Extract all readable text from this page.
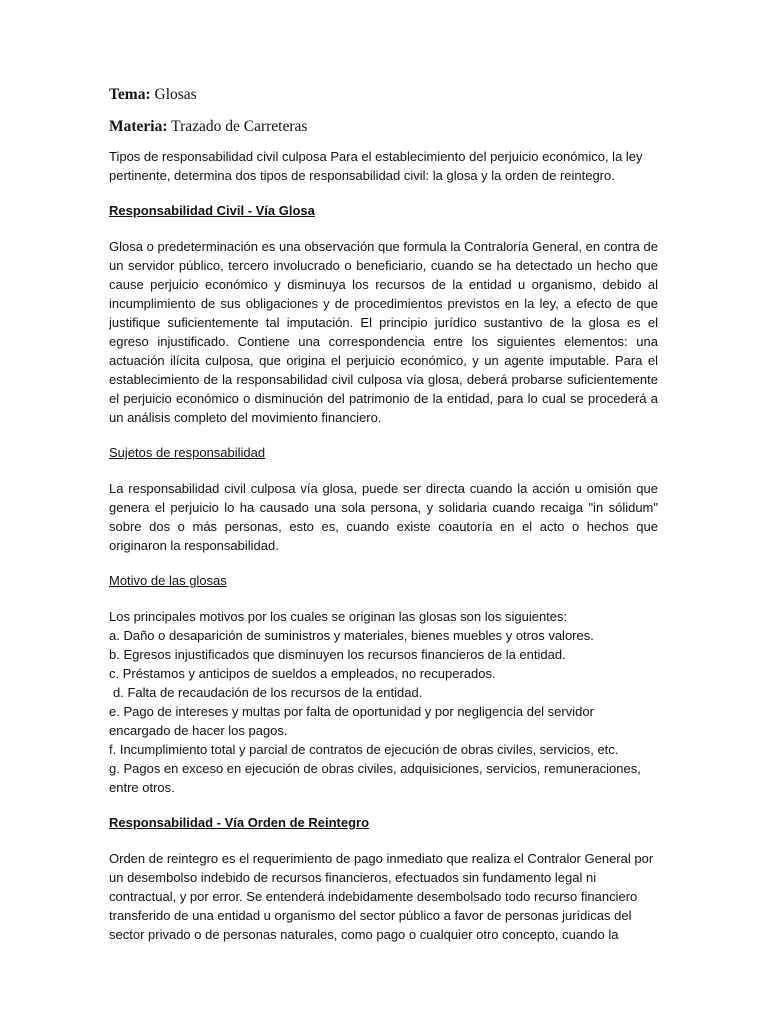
Tema: Glosas
Materia: Trazado de Carreteras

Tipos de responsabilidad civil culposa Para el establecimiento del perjuicio económico, la ley pertinente, determina dos tipos de responsabilidad civil: la glosa y la orden de reintegro.

Responsabilidad Civil - Vía Glosa

Glosa o predeterminación es una observación que formula la Contraloría General, en contra de un servidor público, tercero involucrado o beneficiario, cuando se ha detectado un hecho que cause perjuicio económico y disminuya los recursos de la entidad u organismo, debido al incumplimiento de sus obligaciones y de procedimientos previstos en la ley, a efecto de que justifique suficientemente tal imputación. El principio jurídico sustantivo de la glosa es el egreso injustificado. Contiene una correspondencia entre los siguientes elementos: una actuación ilícita culposa, que origina el perjuicio económico, y un agente imputable. Para el establecimiento de la responsabilidad civil culposa vía glosa, deberá probarse suficientemente el perjuicio económico o disminución del patrimonio de la entidad, para lo cual se procederá a un análisis completo del movimiento financiero.

Sujetos de responsabilidad

La responsabilidad civil culposa vía glosa, puede ser directa cuando la acción u omisión que genera el perjuicio lo ha causado una sola persona, y solidaria cuando recaiga "in sólidum" sobre dos o más personas, esto es, cuando existe coautoría en el acto o hechos que originaron la responsabilidad.

Motivo de las glosas
Los principales motivos por los cuales se originan las glosas son los siguientes:
a. Daño o desaparición de suministros y materiales, bienes muebles y otros valores.
b. Egresos injustificados que disminuyen los recursos financieros de la entidad.
c. Préstamos y anticipos de sueldos a empleados, no recuperados.
d. Falta de recaudación de los recursos de la entidad.
e. Pago de intereses y multas por falta de oportunidad y por negligencia del servidor encargado de hacer los pagos.
f. Incumplimiento total y parcial de contratos de ejecución de obras civiles, servicios, etc.
g. Pagos en exceso en ejecución de obras civiles, adquisiciones, servicios, remuneraciones, entre otros.
Responsabilidad - Vía Orden de Reintegro

Orden de reintegro es el requerimiento de pago inmediato que realiza el Contralor General por un desembolso indebido de recursos financieros, efectuados sin fundamento legal ni contractual, y por error. Se entenderá indebidamente desembolsado todo recurso financiero transferido de una entidad u organismo del sector público a favor de personas jurídicas del sector privado o de personas naturales, como pago o cualquier otro concepto, cuando la
